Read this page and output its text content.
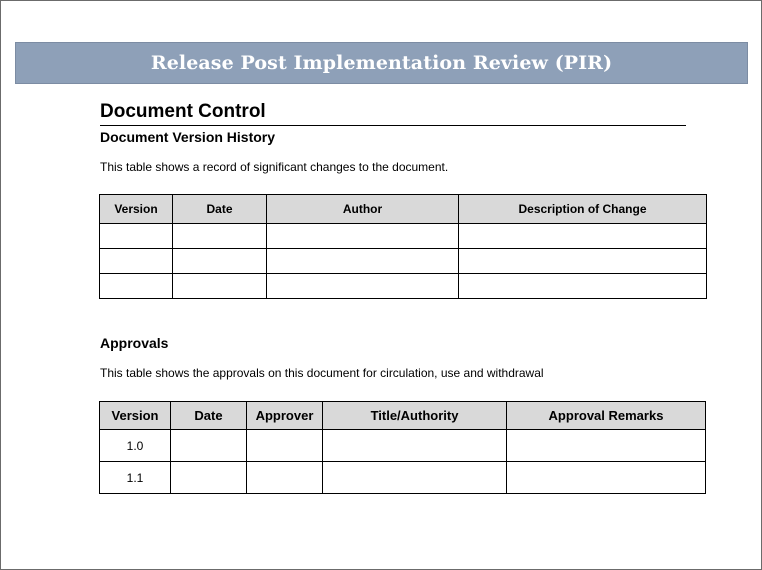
Release Post Implementation Review (PIR)
Document Control
Document Version History
This table shows a record of significant changes to the document.
Version	Date	Author	Description of Change

Approvals
This table shows the approvals on this document for circulation, use and withdrawal
Version	Date	Approver	Title/Authority	Approval Remarks
1.0				
1.1				
